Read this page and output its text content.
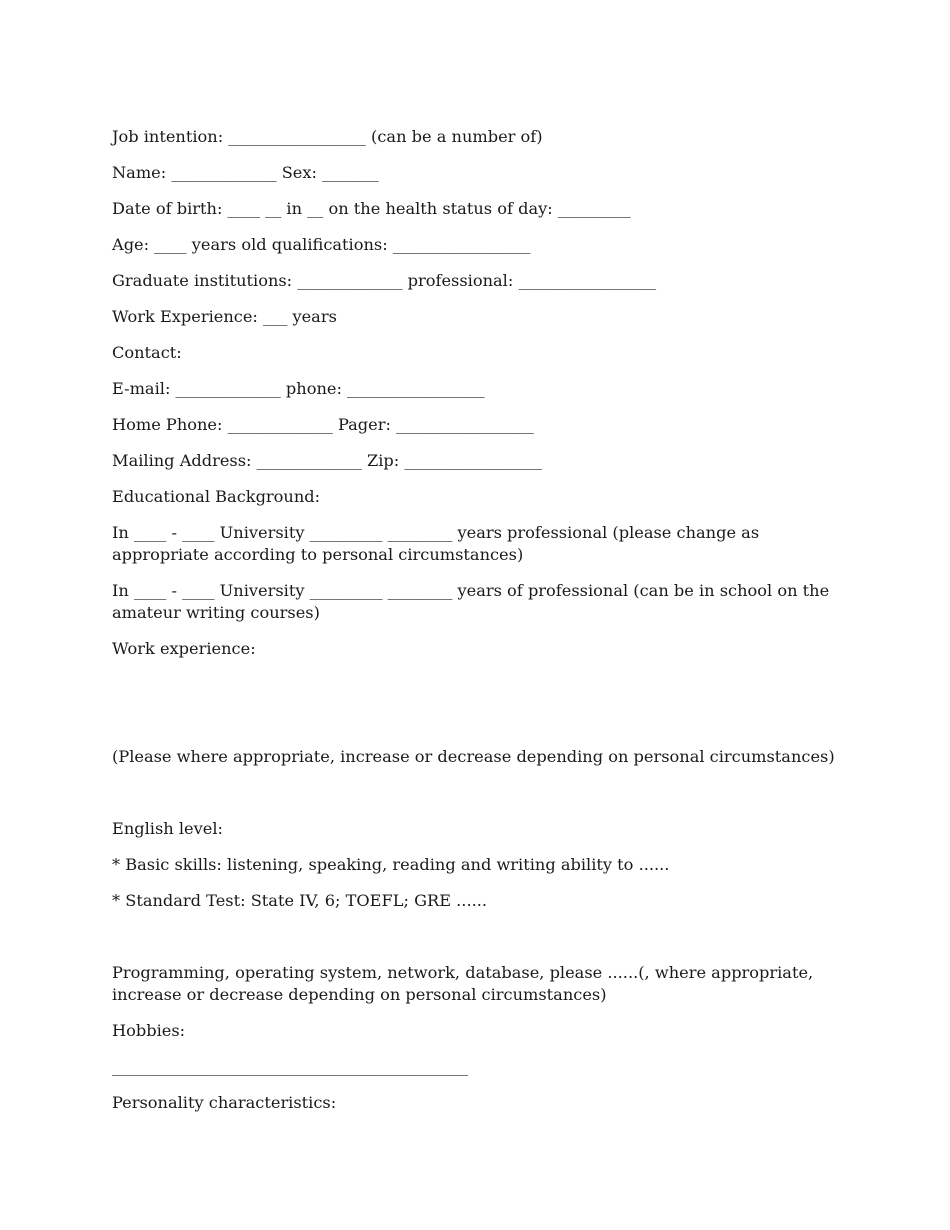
Job intention: _________________ (can be a number of)
Name: _____________ Sex: _______
Date of birth: ____ __ in __ on the health status of day: _________
Age: ____ years old qualifications: _________________
Graduate institutions: _____________ professional: _________________
Work Experience: ___ years
Contact:
E-mail: _____________ phone: _________________
Home Phone: _____________ Pager: _________________
Mailing Address: _____________ Zip: _________________
Educational Background:
In ____ - ____ University _________ ________ years professional (please change as appropriate according to personal circumstances)
In ____ - ____ University _________ ________ years of professional (can be in school on the amateur writing courses)
Work experience:
(Please where appropriate, increase or decrease depending on personal circumstances)
English level:
* Basic skills: listening, speaking, reading and writing ability to ......
* Standard Test: State IV, 6; TOEFL; GRE ......
Programming, operating system, network, database, please ......(, where appropriate, increase or decrease depending on personal circumstances)
Hobbies:
____________________________________________
Personality characteristics:
